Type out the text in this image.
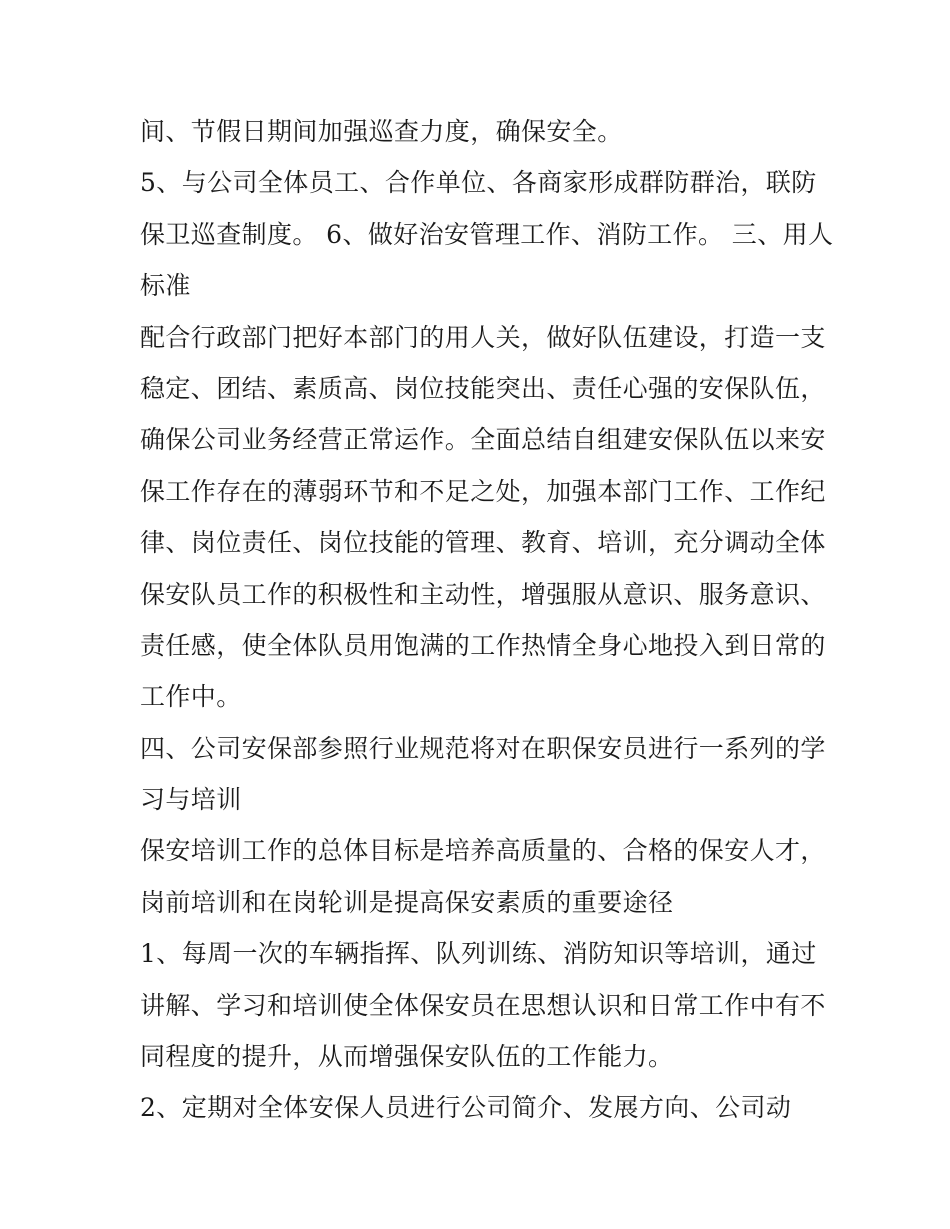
间、节假日期间加强巡查力度，确保安全。
5、与公司全体员工、合作单位、各商家形成群防群治，联防
保卫巡查制度。 6、做好治安管理工作、消防工作。 三、用人
标准
配合行政部门把好本部门的用人关，做好队伍建设，打造一支
稳定、团结、素质高、岗位技能突出、责任心强的安保队伍，
确保公司业务经营正常运作。全面总结自组建安保队伍以来安
保工作存在的薄弱环节和不足之处，加强本部门工作、工作纪
律、岗位责任、岗位技能的管理、教育、培训，充分调动全体
保安队员工作的积极性和主动性，增强服从意识、服务意识、
责任感，使全体队员用饱满的工作热情全身心地投入到日常的
工作中。
四、公司安保部参照行业规范将对在职保安员进行一系列的学
习与培训
保安培训工作的总体目标是培养高质量的、合格的保安人才，
岗前培训和在岗轮训是提高保安素质的重要途径
1、每周一次的车辆指挥、队列训练、消防知识等培训，通过
讲解、学习和培训使全体保安员在思想认识和日常工作中有不
同程度的提升，从而增强保安队伍的工作能力。
2、定期对全体安保人员进行公司简介、发展方向、公司动
